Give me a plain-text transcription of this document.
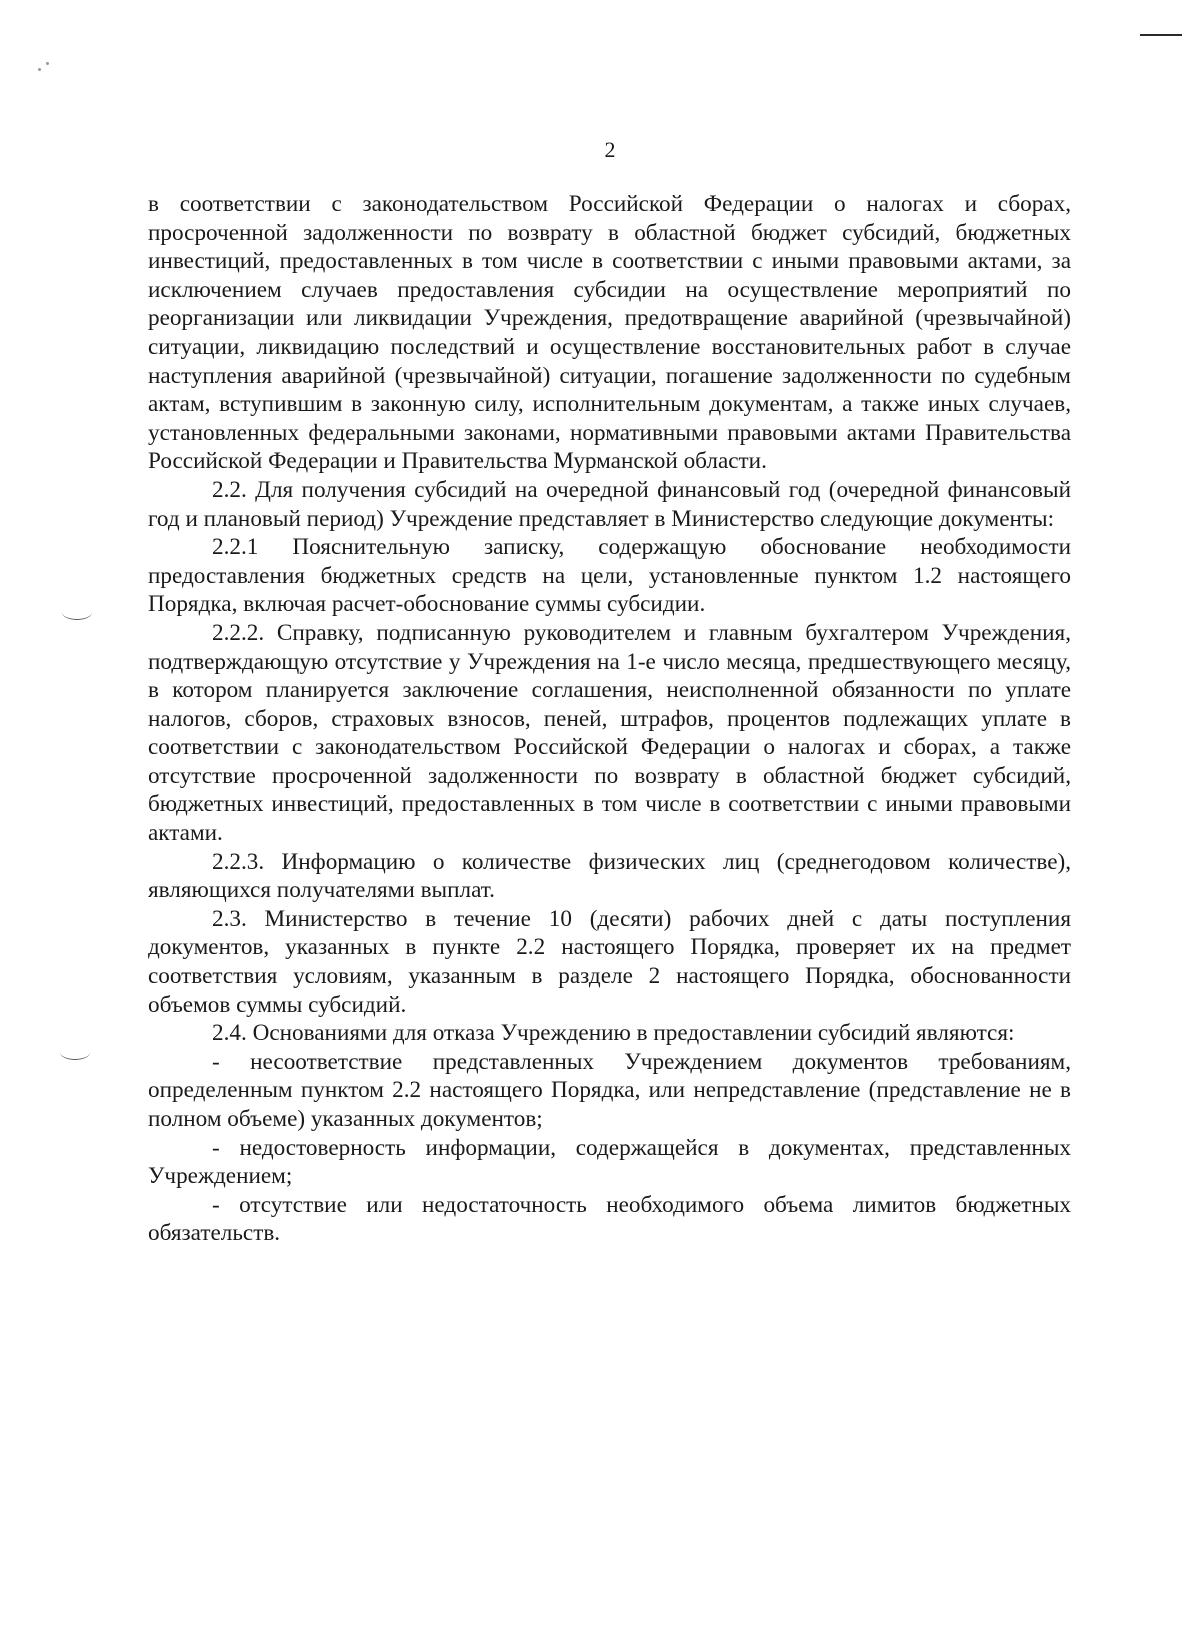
2

в соответствии с законодательством Российской Федерации о налогах и сборах, просроченной задолженности по возврату в областной бюджет субсидий, бюджетных инвестиций, предоставленных в том числе в соответствии с иными правовыми актами, за исключением случаев предоставления субсидии на осуществление мероприятий по реорганизации или ликвидации Учреждения, предотвращение аварийной (чрезвычайной) ситуации, ликвидацию последствий и осуществление восстановительных работ в случае наступления аварийной (чрезвычайной) ситуации, погашение задолженности по судебным актам, вступившим в законную силу, исполнительным документам, а также иных случаев, установленных федеральными законами, нормативными правовыми актами Правительства Российской Федерации и Правительства Мурманской области.

2.2. Для получения субсидий на очередной финансовый год (очередной финансовый год и плановый период) Учреждение представляет в Министерство следующие документы:

2.2.1 Пояснительную записку, содержащую обоснование необходимости предоставления бюджетных средств на цели, установленные пунктом 1.2 настоящего Порядка, включая расчет-обоснование суммы субсидии.

2.2.2. Справку, подписанную руководителем и главным бухгалтером Учреждения, подтверждающую отсутствие у Учреждения на 1-е число месяца, предшествующего месяцу, в котором планируется заключение соглашения, неисполненной обязанности по уплате налогов, сборов, страховых взносов, пеней, штрафов, процентов подлежащих уплате в соответствии с законодательством Российской Федерации о налогах и сборах, а также отсутствие просроченной задолженности по возврату в областной бюджет субсидий, бюджетных инвестиций, предоставленных в том числе в соответствии с иными правовыми актами.

2.2.3. Информацию о количестве физических лиц (среднегодовом количестве), являющихся получателями выплат.

2.3. Министерство в течение 10 (десяти) рабочих дней с даты поступления документов, указанных в пункте 2.2 настоящего Порядка, проверяет их на предмет соответствия условиям, указанным в разделе 2 настоящего Порядка, обоснованности объемов суммы субсидий.

2.4. Основаниями для отказа Учреждению в предоставлении субсидий являются:

- несоответствие представленных Учреждением документов требованиям, определенным пунктом 2.2 настоящего Порядка, или непредставление (представление не в полном объеме) указанных документов;

- недостоверность информации, содержащейся в документах, представленных Учреждением;

- отсутствие или недостаточность необходимого объема лимитов бюджетных обязательств.
